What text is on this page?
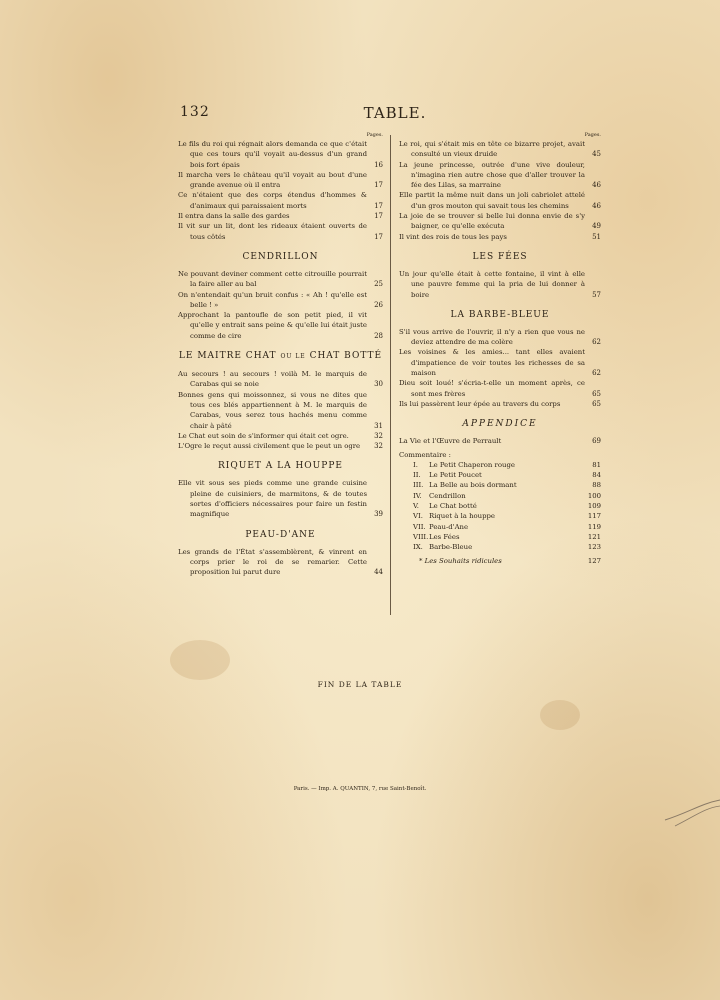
132	TABLE.
Pages.
Le fils du roi qui régnait alors demanda ce que c'était que ces tours qu'il voyait au-dessus d'un grand bois fort épais	16
Il marcha vers le château qu'il voyait au bout d'une grande avenue où il entra	17
Ce n'étaient que des corps étendus d'hommes & d'animaux qui paraissaient morts	17
Il entra dans la salle des gardes	17
Il vit sur un lit, dont les rideaux étaient ouverts de tous côtés	17
CENDRILLON
Ne pouvant deviner comment cette citrouille pourrait la faire aller au bal	25
On n'entendait qu'un bruit confus : « Ah ! qu'elle est belle ! »	26
Approchant la pantoufle de son petit pied, il vit qu'elle y entrait sans peine & qu'elle lui était juste comme de cire	28
LE MAITRE CHAT OU LE CHAT BOTTÉ
Au secours ! au secours ! voilà M. le marquis de Carabas qui se noie	30
Bonnes gens qui moissonnez, si vous ne dites que tous ces blés appartiennent à M. le marquis de Carabas, vous serez tous hachés menu comme chair à pâté	31
Le Chat eut soin de s'informer qui était cet ogre.	32
L'Ogre le reçut aussi civilement que le peut un ogre 32
RIQUET A LA HOUPPE
Elle vit sous ses pieds comme une grande cuisine pleine de cuisiniers, de marmitons, & de toutes sortes d'officiers nécessaires pour faire un festin magnifique	39
PEAU-D'ANE
Les grands de l'État s'assemblèrent, & vinrent en corps prier le roi de se remarier. Cette proposition lui parut dure	44
Pages.
Le roi, qui s'était mis en tête ce bizarre projet, avait consulté un vieux druide	45
La jeune princesse, outrée d'une vive douleur, n'imagina rien autre chose que d'aller trouver la fée des Lilas, sa marraine	46
Elle partit la même nuit dans un joli cabriolet attelé d'un gros mouton qui savait tous les chemins	46
La joie de se trouver si belle lui donna envie de s'y baigner, ce qu'elle exécuta	49
Il vint des rois de tous les pays	51
LES FÉES
Un jour qu'elle était à cette fontaine, il vint à elle une pauvre femme qui la pria de lui donner à boire	57
LA BARBE-BLEUE
S'il vous arrive de l'ouvrir, il n'y a rien que vous ne deviez attendre de ma colère	62
Les voisines & les amies... tant elles avaient d'impatience de voir toutes les richesses de sa maison	62
Dieu soit loué! s'écria-t-elle un moment après, ce sont mes frères	65
Ils lui passèrent leur épée au travers du corps	65
APPENDICE
La Vie et l'Œuvre de Perrault	69
Commentaire :
I. Le Petit Chaperon rouge	81
II. Le Petit Poucet	84
III. La Belle au bois dormant	88
IV. Cendrillon	100
V. Le Chat botté	109
VI. Riquet à la houppe	117
VII. Peau-d'Ane	119
VIII.Les Fées	121
IX. Barbe-Bleue	123
* Les Souhaits ridicules	127
FIN DE LA TABLE
Paris. — Imp. A. QUANTIN, 7, rue Saint-Benoît.
